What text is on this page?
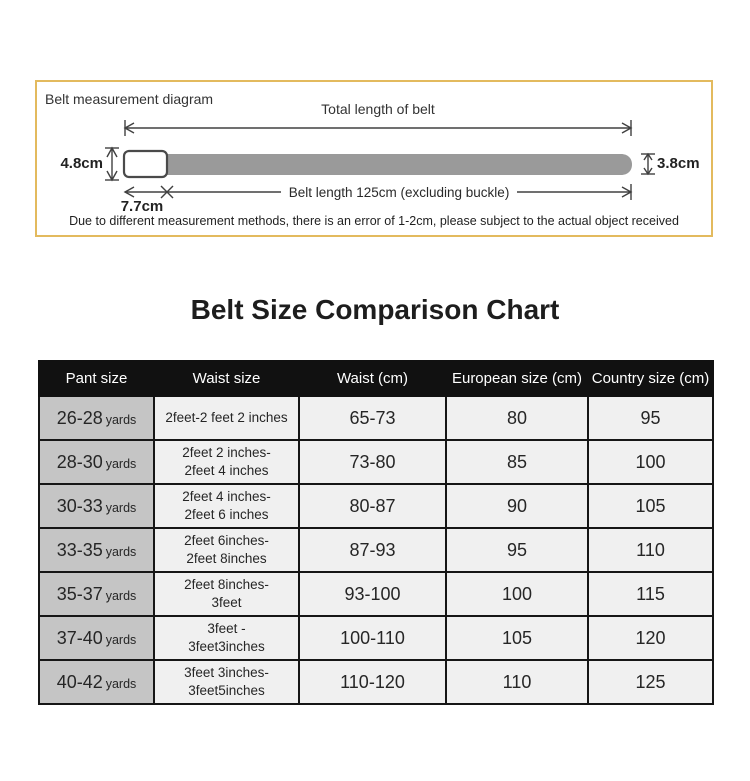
Belt measurement diagram
Total length of belt
4.8cm	3.8cm
Belt length 125cm (excluding buckle)
7.7cm
Due to different measurement methods, there is an error of 1-2cm, please subject to the actual object received
Belt Size Comparison Chart
Pant size	Waist size	Waist (cm)	European size (cm)	Country size (cm)
26-28 yards	2feet-2 feet 2 inches	65-73	80	95
28-30 yards	2feet 2 inches-
2feet 4 inches	73-80	85	100
30-33 yards	2feet 4 inches-
2feet 6 inches	80-87	90	105
33-35 yards	2feet 6inches-
2feet 8inches	87-93	95	110
35-37 yards	2feet 8inches-
3feet	93-100	100	115
37-40 yards	3feet -
3feet3inches	100-110	105	120
40-42 yards	3feet 3inches-
3feet5inches	110-120	110	125
